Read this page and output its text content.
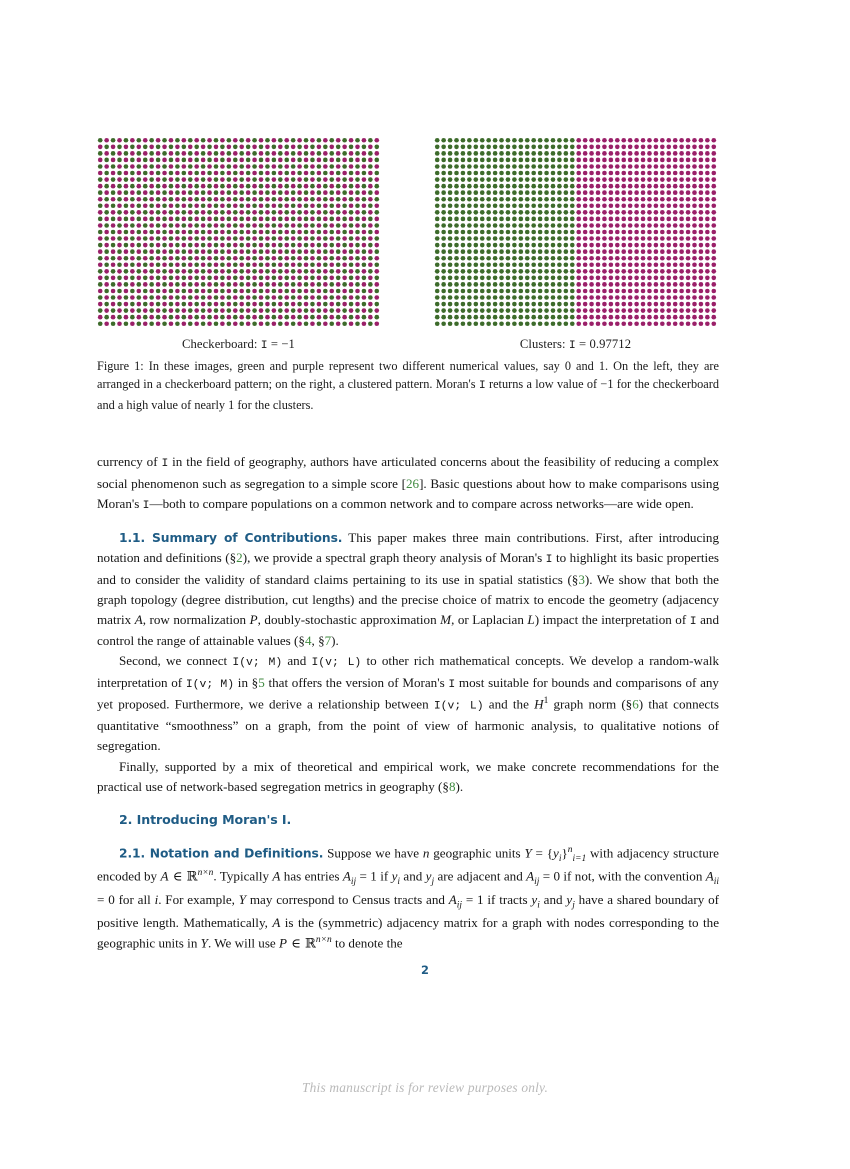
Checkerboard: I = −1	Clusters: I = 0.97712
Figure 1: In these images, green and purple represent two different numerical values, say 0 and 1. On the left, they are arranged in a checkerboard pattern; on the right, a clustered pattern. Moran's I returns a low value of −1 for the checkerboard and a high value of nearly 1 for the clusters.

currency of I in the field of geography, authors have articulated concerns about the feasibility of reducing a complex social phenomenon such as segregation to a simple score [26]. Basic questions about how to make comparisons using Moran's I—both to compare populations on a common network and to compare across networks—are wide open.

1.1. Summary of Contributions. This paper makes three main contributions. First, after introducing notation and definitions (§2), we provide a spectral graph theory analysis of Moran's I to highlight its basic properties and to consider the validity of standard claims pertaining to its use in spatial statistics (§3). We show that both the graph topology (degree distribution, cut lengths) and the precise choice of matrix to encode the geometry (adjacency matrix A, row normalization P, doubly-stochastic approximation M, or Laplacian L) impact the interpretation of I and control the range of attainable values (§4, §7).

Second, we connect I(v; M) and I(v; L) to other rich mathematical concepts. We develop a random-walk interpretation of I(v; M) in §5 that offers the version of Moran's I most suitable for bounds and comparisons of any yet proposed. Furthermore, we derive a relationship between I(v; L) and the $H^1$ graph norm (§6) that connects quantitative “smoothness” on a graph, from the point of view of harmonic analysis, to qualitative notions of segregation.

Finally, supported by a mix of theoretical and empirical work, we make concrete recommendations for the practical use of network-based segregation metrics in geography (§8).

2. Introducing Moran's I.

2.1. Notation and Definitions. Suppose we have n geographic units $Y = \{y_i\}^n_{i=1}$ with adjacency structure encoded by A ∈ ℝ$^{n\times n}$. Typically A has entries $A_{ij} = 1$ if $y_i$ and $y_j$ are adjacent and $A_{ij} = 0$ if not, with the convention $A_{ii} = 0$ for all i. For example, Y may correspond to Census tracts and $A_{ij} = 1$ if tracts $y_i$ and $y_j$ have a shared boundary of positive length. Mathematically, A is the (symmetric) adjacency matrix for a graph with nodes corresponding to the geographic units in Y. We will use P ∈ ℝ$^{n\times n}$ to denote the

2
This manuscript is for review purposes only.
